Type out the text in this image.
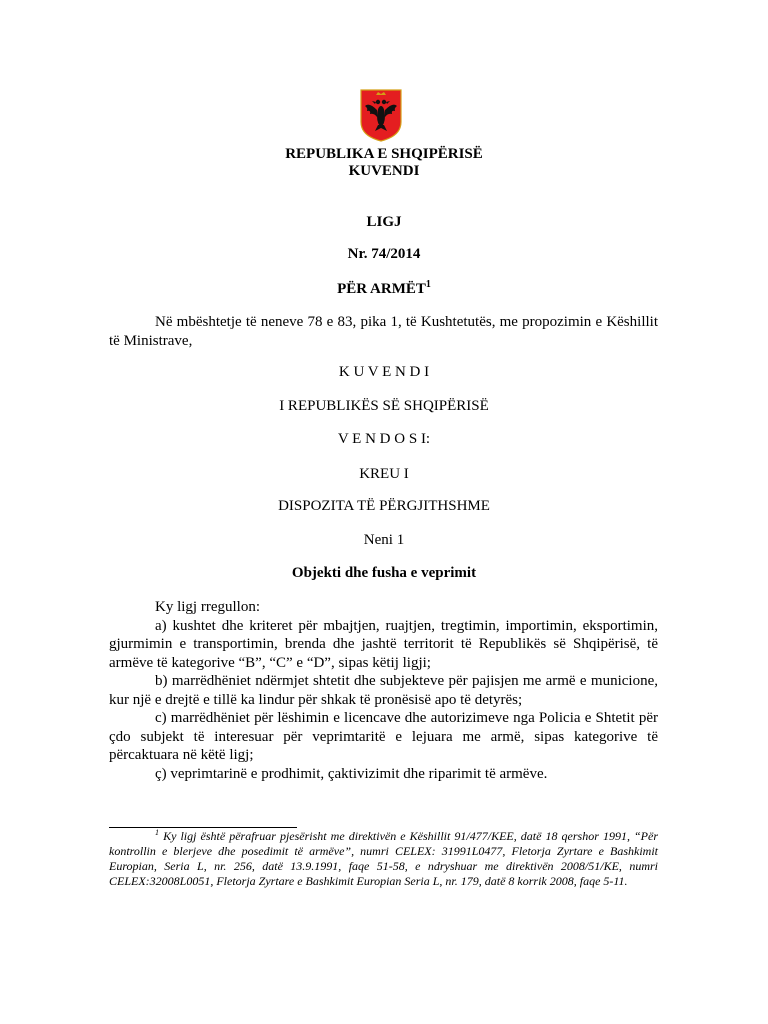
REPUBLIKA E SHQIPËRISË
KUVENDI
LIGJ
Nr. 74/2014
PËR ARMËT$^1$
Në mbështetje të neneve 78 e 83, pika 1, të Kushtetutës, me propozimin e Këshillit të Ministrave,
K U V E N D I
I REPUBLIKËS SË SHQIPËRISË
V E N D O S I:
KREU I
DISPOZITA TË PËRGJITHSHME
Neni 1
Objekti dhe fusha e veprimit
Ky ligj rregullon:
a) kushtet dhe kriteret për mbajtjen, ruajtjen, tregtimin, importimin, eksportimin, gjurmimin e transportimin, brenda dhe jashtë territorit të Republikës së Shqipërisë, të armëve të kategorive “B”, “C” e “D”, sipas këtij ligji;
b) marrëdhëniet ndërmjet shtetit dhe subjekteve për pajisjen me armë e municione, kur një e drejtë e tillë ka lindur për shkak të pronësisë apo të detyrës;
c) marrëdhëniet për lëshimin e licencave dhe autorizimeve nga Policia e Shtetit për çdo subjekt të interesuar për veprimtaritë e lejuara me armë, sipas kategorive të përcaktuara në këtë ligj;
ç) veprimtarinë e prodhimit, çaktivizimit dhe riparimit të armëve.
$^1$ Ky ligj është përafruar pjesërisht me direktivën e Këshillit 91/477/KEE, datë 18 qershor 1991, “Për kontrollin e blerjeve dhe posedimit të armëve”, numri CELEX: 31991L0477, Fletorja Zyrtare e Bashkimit Europian, Seria L, nr. 256, datë 13.9.1991, faqe 51-58, e ndryshuar me direktivën 2008/51/KE, numri CELEX:32008L0051, Fletorja Zyrtare e Bashkimit Europian Seria L, nr. 179, datë 8 korrik 2008, faqe 5-11.
